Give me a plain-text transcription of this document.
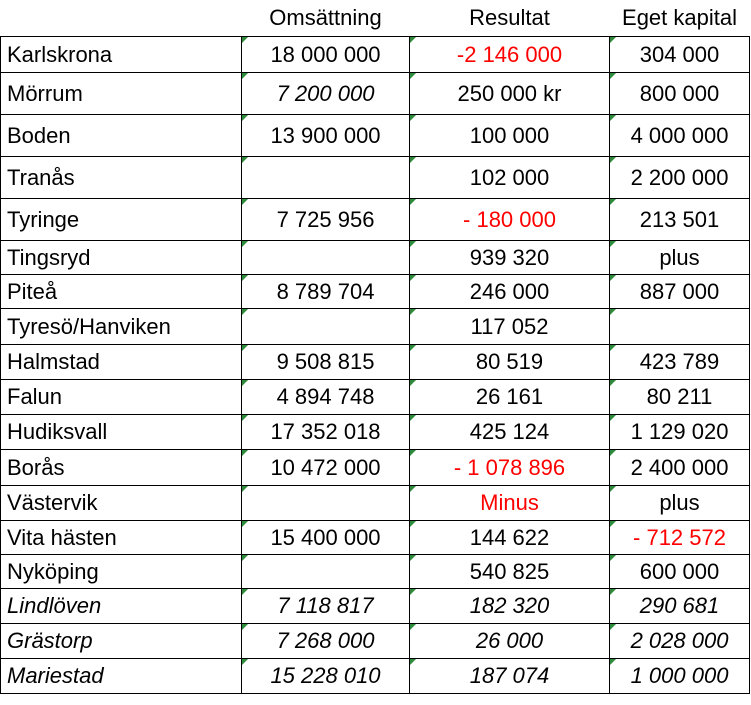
	Omsättning	Resultat	Eget kapital
Karlskrona	18 000 000	-2 146 000	304 000
Mörrum	7 200 000	250 000 kr	800 000
Boden	13 900 000	100 000	4 000 000
Tranås		102 000	2 200 000
Tyringe	7 725 956	- 180 000	213 501
Tingsryd		939 320	plus
Piteå	8 789 704	246 000	887 000
Tyresö/Hanviken		117 052	
Halmstad	9 508 815	80 519	423 789
Falun	4 894 748	26 161	80 211
Hudiksvall	17 352 018	425 124	1 129 020
Borås	10 472 000	- 1 078 896	2 400 000
Västervik		Minus	plus
Vita hästen	15 400 000	144 622	- 712 572
Nyköping		540 825	600 000
Lindlöven	7 118 817	182 320	290 681
Grästorp	7 268 000	26 000	2 028 000
Mariestad	15 228 010	187 074	1 000 000
